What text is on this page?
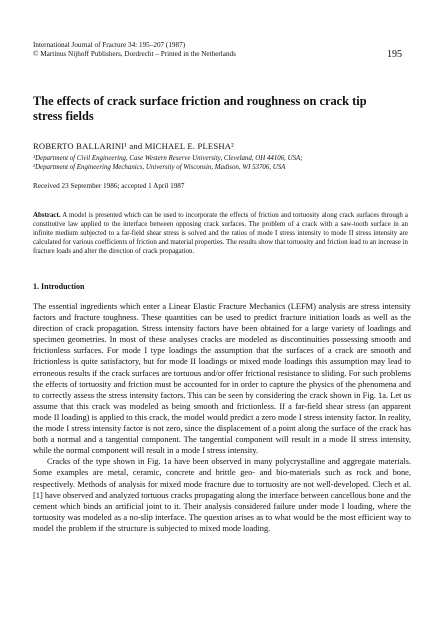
International Journal of Fracture 34: 195–207 (1987)
© Martinus Nijhoff Publishers, Dordrecht – Printed in the Netherlands	195
The effects of crack surface friction and roughness on crack tip stress fields
ROBERTO BALLARINI¹ and MICHAEL E. PLESHA²
¹Department of Civil Engineering, Case Western Reserve University, Cleveland, OH 44106, USA;
²Department of Engineering Mechanics, University of Wisconsin, Madison, WI 53706, USA
Received 23 September 1986; accepted 1 April 1987
Abstract. A model is presented which can be used to incorporate the effects of friction and tortuosity along crack surfaces through a constitutive law applied to the interface between opposing crack surfaces. The problem of a crack with a saw-tooth surface in an infinite medium subjected to a far-field shear stress is solved and the ratios of mode I stress intensity to mode II stress intensity are calculated for various coefficients of friction and material properties. The results show that tortuosity and friction lead to an increase in fracture loads and alter the direction of crack propagation.
1. Introduction

The essential ingredients which enter a Linear Elastic Fracture Mechanics (LEFM) analysis are stress intensity factors and fracture toughness. These quantities can be used to predict fracture initiation loads as well as the direction of crack propagation. Stress intensity factors have been obtained for a large variety of loadings and specimen geometries. In most of these analyses cracks are modeled as discontinuities possessing smooth and frictionless surfaces. For mode I type loadings the assumption that the surfaces of a crack are smooth and frictionless is quite satisfactory, but for mode II loadings or mixed mode loadings this assumption may lead to erroneous results if the crack surfaces are tortuous and/or offer frictional resistance to sliding. For such problems the effects of tortuosity and friction must be accounted for in order to capture the physics of the phenomena and to correctly assess the stress intensity factors. This can be seen by considering the crack shown in Fig. 1a. Let us assume that this crack was modeled as being smooth and frictionless. If a far-field shear stress (an apparent mode II loading) is applied to this crack, the model would predict a zero mode I stress intensity factor. In reality, the mode I stress intensity factor is not zero, since the displacement of a point along the surface of the crack has both a normal and a tangential component. The tangential component will result in a mode II stress intensity, while the normal component will result in a mode I stress intensity.

Cracks of the type shown in Fig. 1a have been observed in many polycrystalline and aggregate materials. Some examples are metal, ceramic, concrete and brittle geo- and bio-materials such as rock and bone, respectively. Methods of analysis for mixed mode fracture due to tortuosity are not well-developed. Clech et al. [1] have observed and analyzed tortuous cracks propagating along the interface between cancellous bone and the cement which binds an artificial joint to it. Their analysis considered failure under mode I loading, where the tortuosity was modeled as a no-slip interface. The question arises as to what would be the most efficient way to model the problem if the structure is subjected to mixed mode loading.
